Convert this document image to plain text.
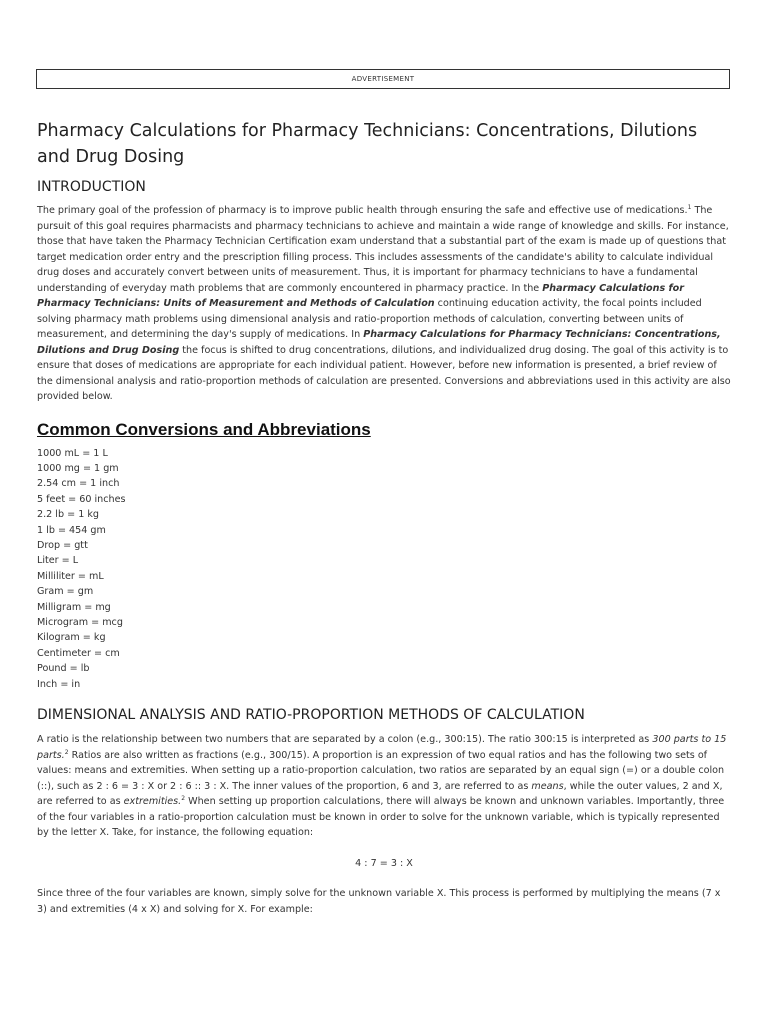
ADVERTISEMENT
Pharmacy Calculations for Pharmacy Technicians: Concentrations, Dilutions and Drug Dosing
INTRODUCTION

The primary goal of the profession of pharmacy is to improve public health through ensuring the safe and effective use of medications.$^1$ The pursuit of this goal requires pharmacists and pharmacy technicians to achieve and maintain a wide range of knowledge and skills. For instance, those that have taken the Pharmacy Technician Certification exam understand that a substantial part of the exam is made up of questions that target medication order entry and the prescription filling process. This includes assessments of the candidate's ability to calculate individual drug doses and accurately convert between units of measurement. Thus, it is important for pharmacy technicians to have a fundamental understanding of everyday math problems that are commonly encountered in pharmacy practice. In the Pharmacy Calculations for Pharmacy Technicians: Units of Measurement and Methods of Calculation continuing education activity, the focal points included solving pharmacy math problems using dimensional analysis and ratio-proportion methods of calculation, converting between units of measurement, and determining the day's supply of medications. In Pharmacy Calculations for Pharmacy Technicians: Concentrations, Dilutions and Drug Dosing the focus is shifted to drug concentrations, dilutions, and individualized drug dosing. The goal of this activity is to ensure that doses of medications are appropriate for each individual patient. However, before new information is presented, a brief review of the dimensional analysis and ratio-proportion methods of calculation are presented. Conversions and abbreviations used in this activity are also provided below.

Common Conversions and Abbreviations
1000 mL = 1 L
1000 mg = 1 gm
2.54 cm = 1 inch
5 feet = 60 inches
2.2 lb = 1 kg
1 lb = 454 gm
Drop = gtt
Liter = L
Milliliter = mL
Gram = gm
Milligram = mg
Microgram = mcg
Kilogram = kg
Centimeter = cm
Pound = lb
Inch = in
DIMENSIONAL ANALYSIS AND RATIO-PROPORTION METHODS OF CALCULATION

A ratio is the relationship between two numbers that are separated by a colon (e.g., 300:15). The ratio 300:15 is interpreted as 300 parts to 15 parts.$^2$ Ratios are also written as fractions (e.g., 300/15). A proportion is an expression of two equal ratios and has the following two sets of values: means and extremities. When setting up a ratio-proportion calculation, two ratios are separated by an equal sign (=) or a double colon (::), such as 2 : 6 = 3 : X or 2 : 6 :: 3 : X. The inner values of the proportion, 6 and 3, are referred to as means, while the outer values, 2 and X, are referred to as extremities.$^2$ When setting up proportion calculations, there will always be known and unknown variables. Importantly, three of the four variables in a ratio-proportion calculation must be known in order to solve for the unknown variable, which is typically represented by the letter X. Take, for instance, the following equation:

4 : 7 = 3 : X

Since three of the four variables are known, simply solve for the unknown variable X. This process is performed by multiplying the means (7 x 3) and extremities (4 x X) and solving for X. For example:
